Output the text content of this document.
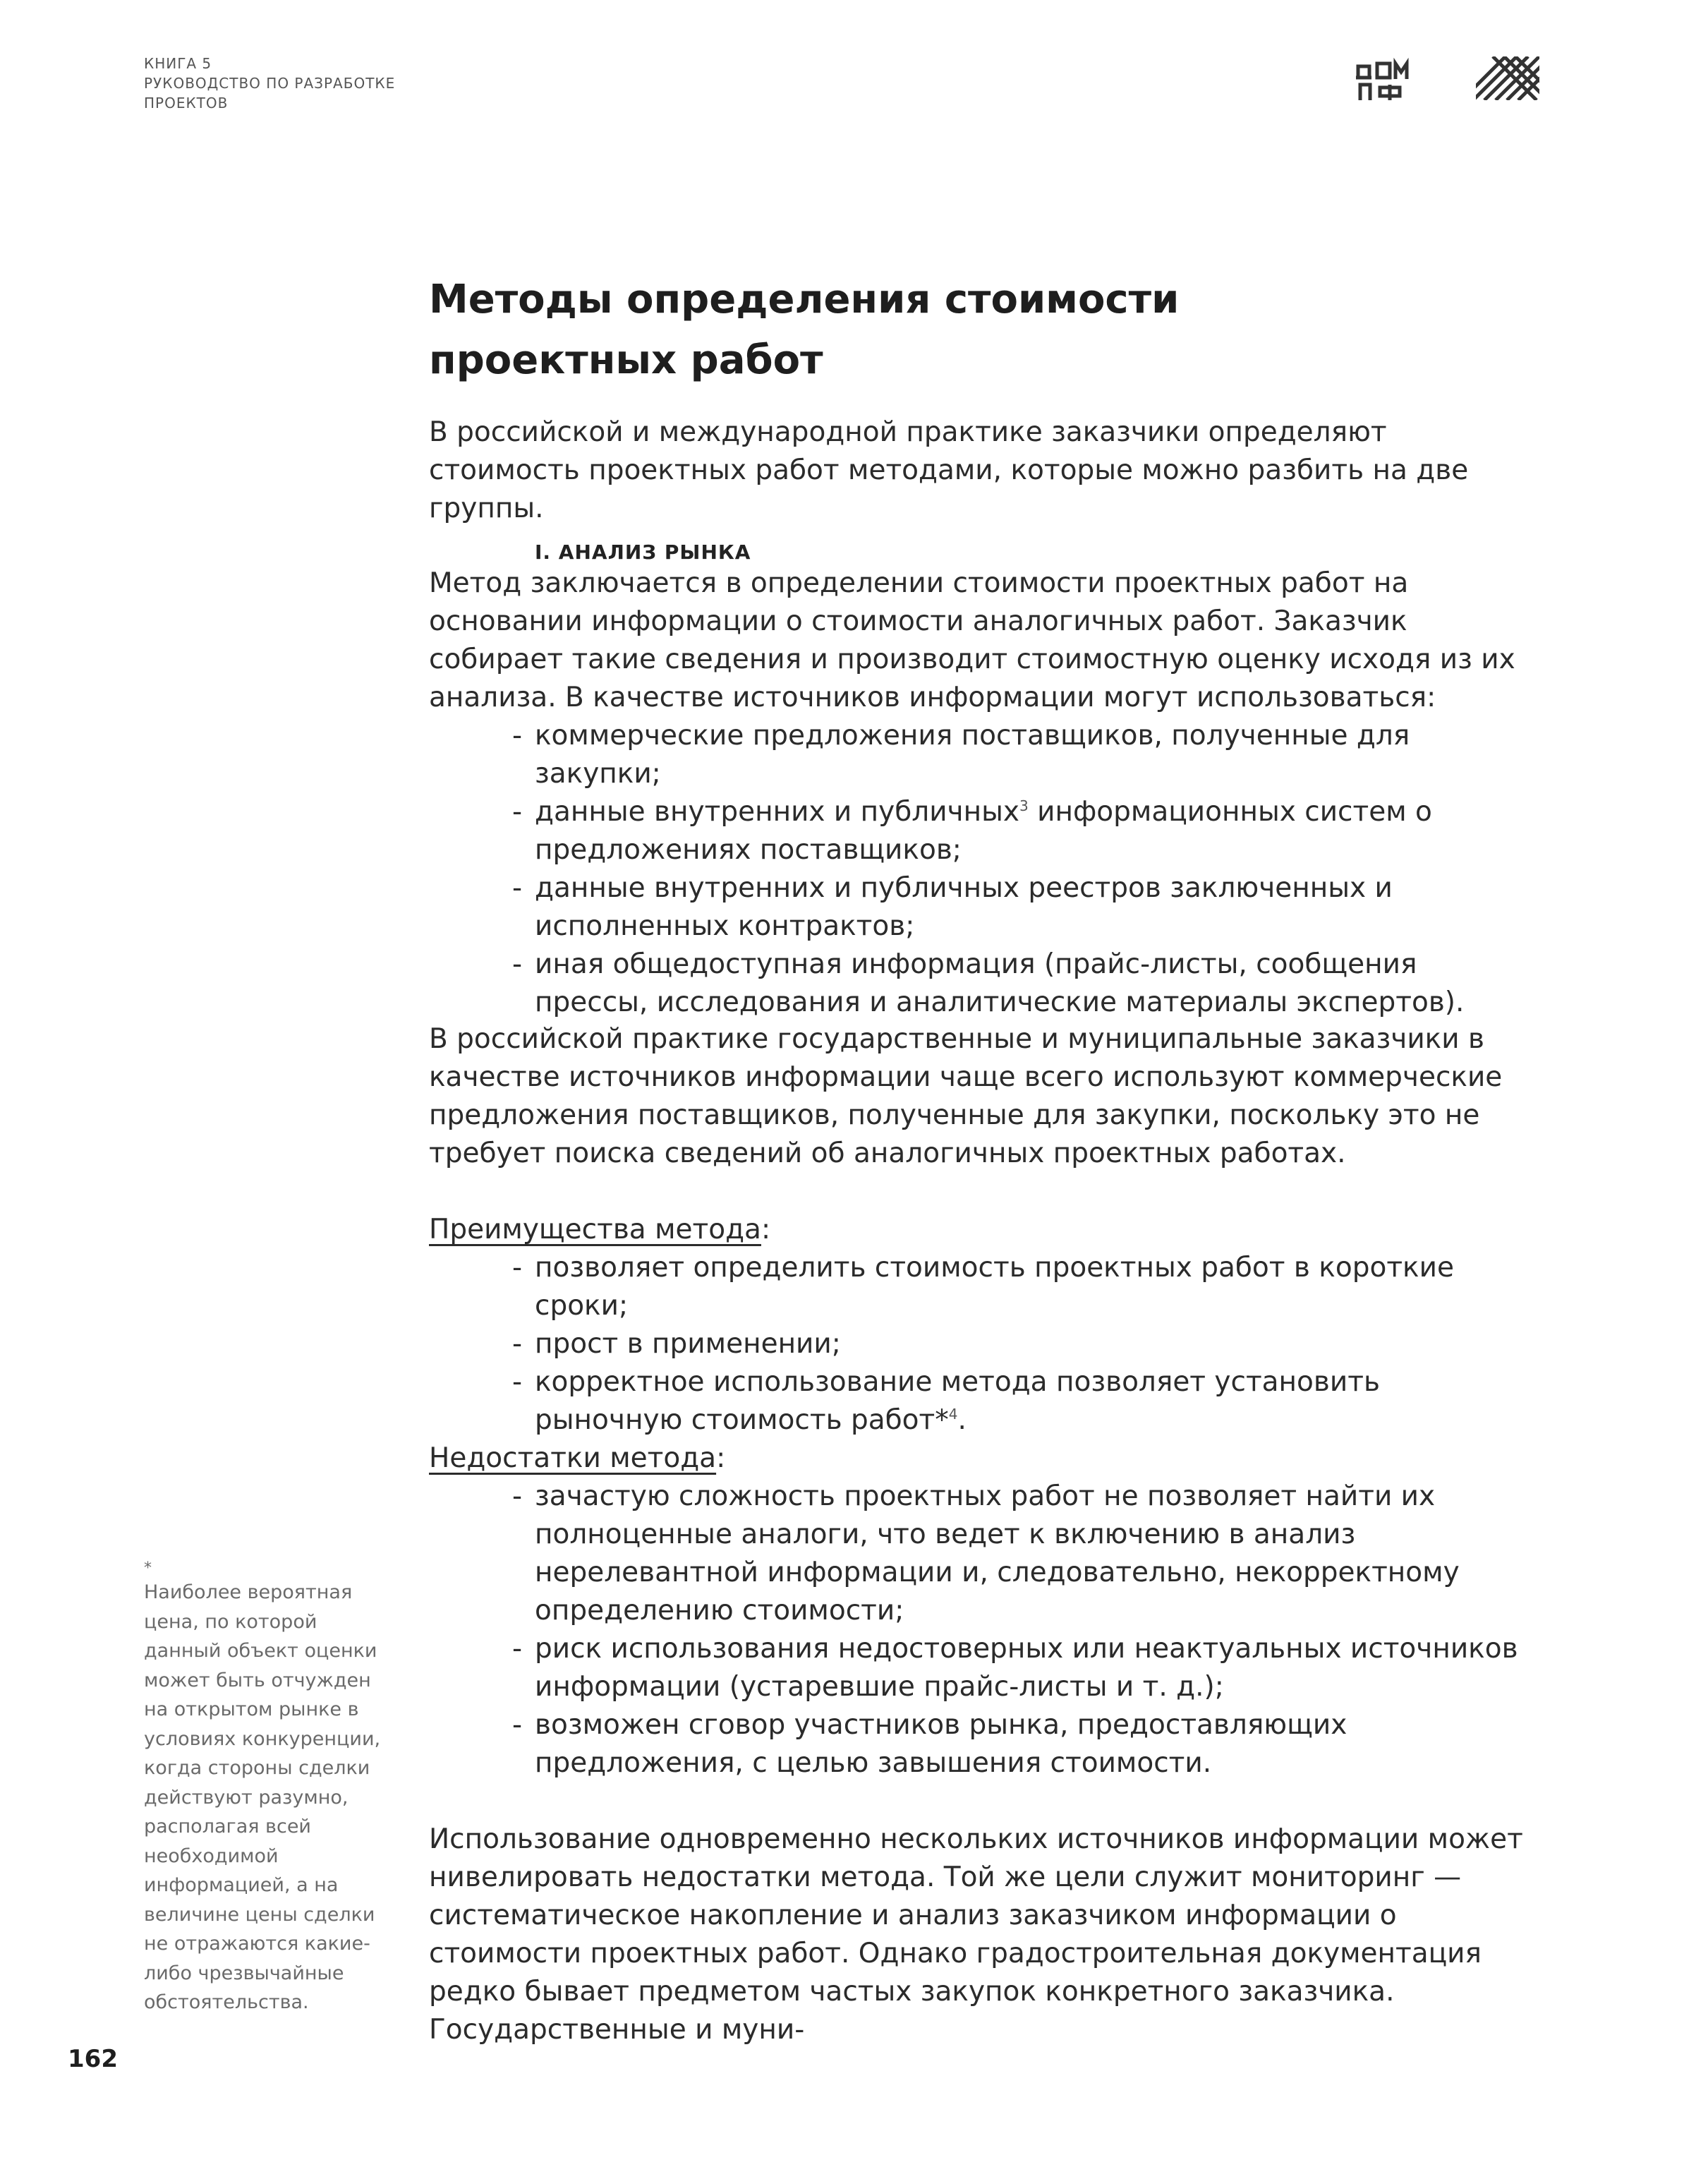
КНИГА 5
РУКОВОДСТВО ПО РАЗРАБОТКЕ
ПРОЕКТОВ
Методы определения стоимости
проектных работ

В российской и международной практике заказчики определяют стоимость проектных работ методами, которые можно разбить на две группы.

I. АНАЛИЗ РЫНКА

Метод заключается в определении стоимости проектных работ на основании информации о стоимости аналогичных работ. Заказчик собирает такие сведения и производит стоимостную оценку исходя из их анализа. В качестве источников информации могут использоваться:

- коммерческие предложения поставщиков, полученные для закупки;
- данные внутренних и публичных$^3$ информационных систем о предложениях поставщиков;
- данные внутренних и публичных реестров заключенных и исполненных контрактов;
- иная общедоступная информация (прайс-листы, сообщения прессы, исследования и аналитические материалы экспертов).

В российской практике государственные и муниципальные заказчики в качестве источников информации чаще всего используют коммерческие предложения поставщиков, полученные для закупки, поскольку это не требует поиска сведений об аналогичных проектных работах.

Преимущества метода:
- позволяет определить стоимость проектных работ в короткие сроки;
- прост в применении;
- корректное использование метода позволяет установить рыночную стоимость работ*$^4$.
Недостатки метода:
- зачастую сложность проектных работ не позволяет найти их полноценные аналоги, что ведет к включению в анализ нерелевантной информации и, следовательно, некорректному определению стоимости;
- риск использования недостоверных или неактуальных источников информации (устаревшие прайс-листы и т. д.);
- возможен сговор участников рынка, предоставляющих предложения, с целью завышения стоимости.

Использование одновременно нескольких источников информации может нивелировать недостатки метода. Той же цели служит мониторинг — систематическое накопление и анализ заказчиком информации о стоимости проектных работ. Однако градостроительная документация редко бывает предметом частых закупок конкретного заказчика. Государственные и муни-

*
Наиболее вероятная цена, по которой данный объект оценки может быть отчужден на открытом рынке в условиях конкуренции, когда стороны сделки действуют разумно, располагая всей необходимой информацией, а на величине цены сделки не отражаются какие-либо чрезвычайные обстоятельства.
162
